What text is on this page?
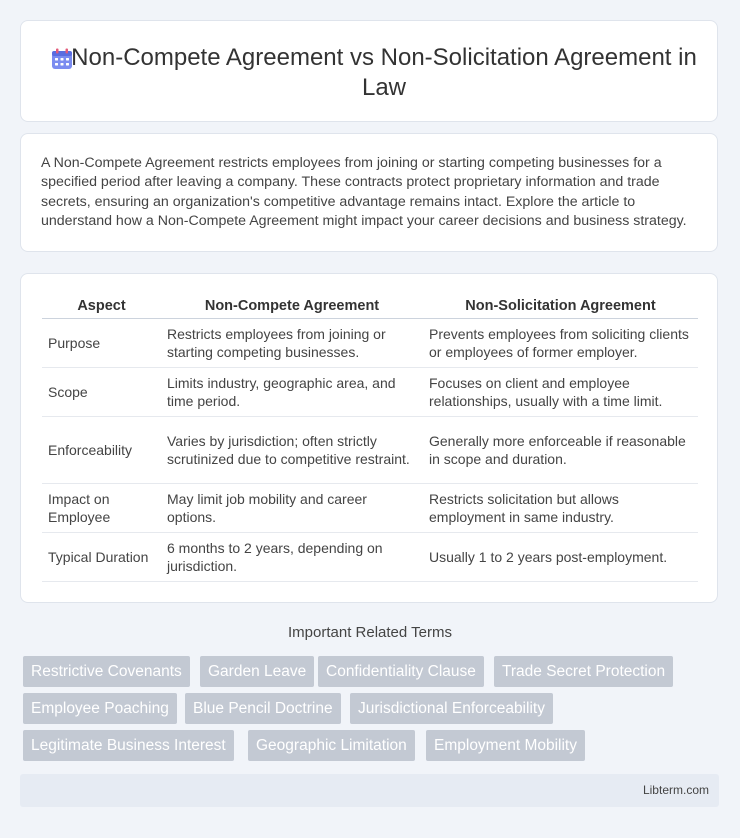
Non-Compete Agreement vs Non-Solicitation Agreement in Law

A Non-Compete Agreement restricts employees from joining or starting competing businesses for a specified period after leaving a company. These contracts protect proprietary information and trade secrets, ensuring an organization's competitive advantage remains intact. Explore the article to understand how a Non-Compete Agreement might impact your career decisions and business strategy.

Aspect	Non-Compete Agreement	Non-Solicitation Agreement
Purpose	Restricts employees from joining or starting competing businesses.	Prevents employees from soliciting clients or employees of former employer.
Scope	Limits industry, geographic area, and time period.	Focuses on client and employee relationships, usually with a time limit.
Enforceability	Varies by jurisdiction; often strictly scrutinized due to competitive restraint.	Generally more enforceable if reasonable in scope and duration.
Impact on Employee	May limit job mobility and career options.	Restricts solicitation but allows employment in same industry.
Typical Duration	6 months to 2 years, depending on jurisdiction.	Usually 1 to 2 years post-employment.
Important Related Terms
Restrictive Covenants	Garden Leave	Confidentiality Clause	Trade Secret Protection
Employee Poaching	Blue Pencil Doctrine	Jurisdictional Enforceability
Legitimate Business Interest	Geographic Limitation	Employment Mobility
Libterm.com
